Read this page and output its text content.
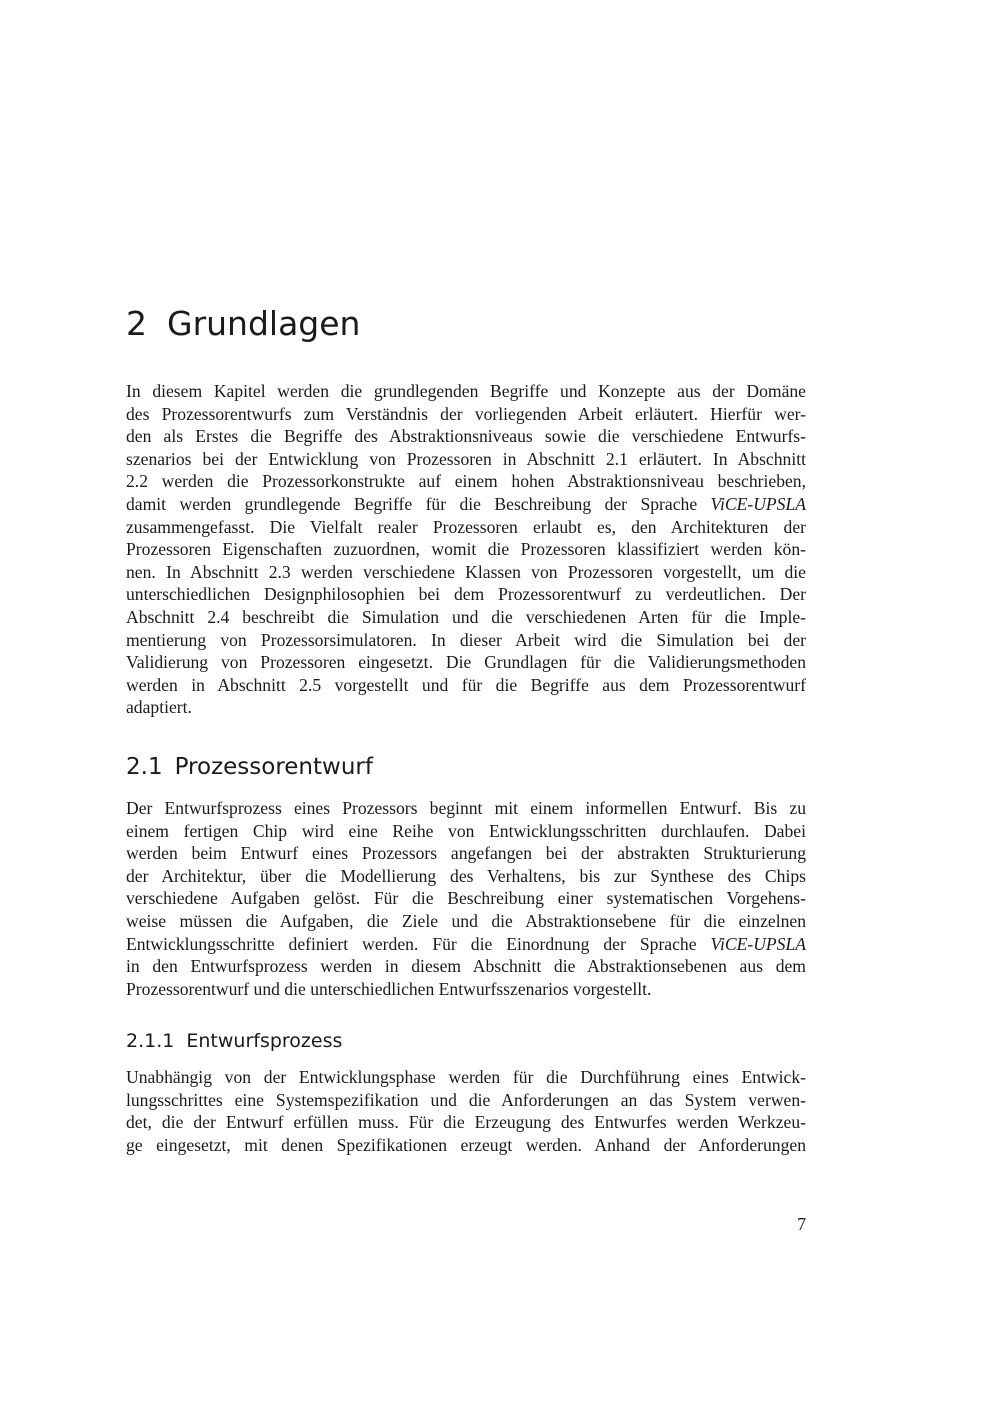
2 Grundlagen

In diesem Kapitel werden die grundlegenden Begriffe und Konzepte aus der Domäne
des Prozessorentwurfs zum Verständnis der vorliegenden Arbeit erläutert. Hierfür wer-
den als Erstes die Begriffe des Abstraktionsniveaus sowie die verschiedene Entwurfs-
szenarios bei der Entwicklung von Prozessoren in Abschnitt 2.1 erläutert. In Abschnitt
2.2 werden die Prozessorkonstrukte auf einem hohen Abstraktionsniveau beschrieben,
damit werden grundlegende Begriffe für die Beschreibung der Sprache ViCE-UPSLA
zusammengefasst. Die Vielfalt realer Prozessoren erlaubt es, den Architekturen der
Prozessoren Eigenschaften zuzuordnen, womit die Prozessoren klassifiziert werden kön-
nen. In Abschnitt 2.3 werden verschiedene Klassen von Prozessoren vorgestellt, um die
unterschiedlichen Designphilosophien bei dem Prozessorentwurf zu verdeutlichen. Der
Abschnitt 2.4 beschreibt die Simulation und die verschiedenen Arten für die Imple-
mentierung von Prozessorsimulatoren. In dieser Arbeit wird die Simulation bei der
Validierung von Prozessoren eingesetzt. Die Grundlagen für die Validierungsmethoden
werden in Abschnitt 2.5 vorgestellt und für die Begriffe aus dem Prozessorentwurf
adaptiert.

2.1 Prozessorentwurf

Der Entwurfsprozess eines Prozessors beginnt mit einem informellen Entwurf. Bis zu
einem fertigen Chip wird eine Reihe von Entwicklungsschritten durchlaufen. Dabei
werden beim Entwurf eines Prozessors angefangen bei der abstrakten Strukturierung
der Architektur, über die Modellierung des Verhaltens, bis zur Synthese des Chips
verschiedene Aufgaben gelöst. Für die Beschreibung einer systematischen Vorgehens-
weise müssen die Aufgaben, die Ziele und die Abstraktionsebene für die einzelnen
Entwicklungsschritte definiert werden. Für die Einordnung der Sprache ViCE-UPSLA
in den Entwurfsprozess werden in diesem Abschnitt die Abstraktionsebenen aus dem
Prozessorentwurf und die unterschiedlichen Entwurfsszenarios vorgestellt.

2.1.1 Entwurfsprozess

Unabhängig von der Entwicklungsphase werden für die Durchführung eines Entwick-
lungsschrittes eine Systemspezifikation und die Anforderungen an das System verwen-
det, die der Entwurf erfüllen muss. Für die Erzeugung des Entwurfes werden Werkzeu-
ge eingesetzt, mit denen Spezifikationen erzeugt werden. Anhand der Anforderungen

7
